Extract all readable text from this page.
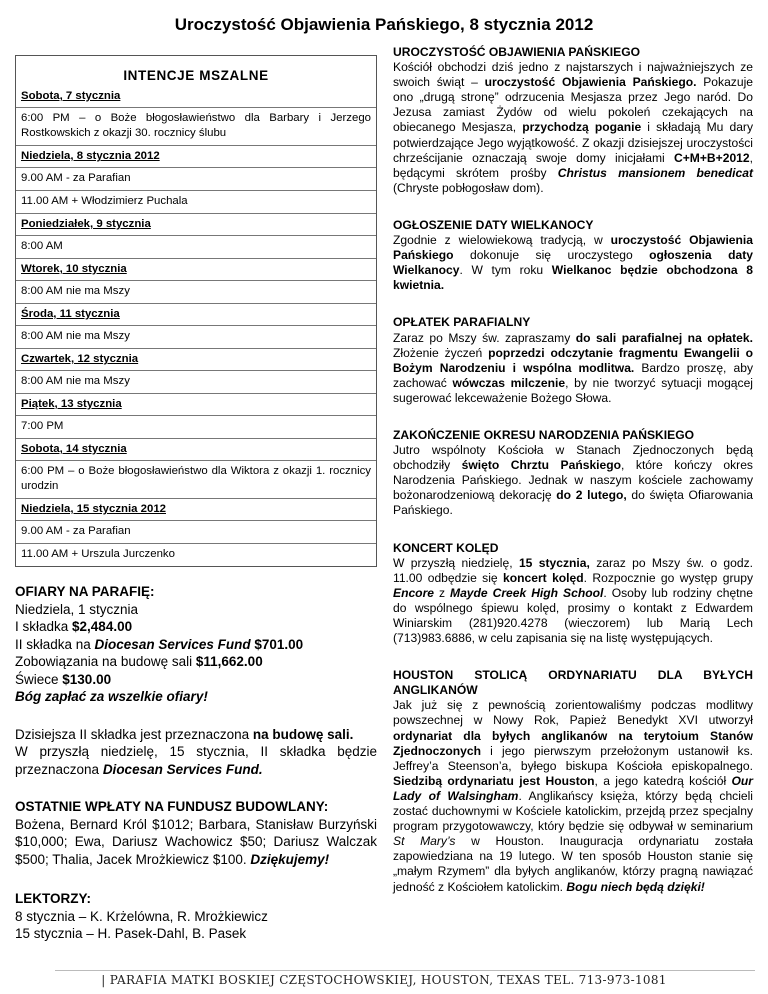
Uroczystość Objawienia Pańskiego, 8 stycznia 2012
INTENCJE MSZALNE
Sobota, 7 stycznia
6:00 PM – o Boże błogosławieństwo dla Barbary i Jerzego Rostkowskich z okazji 30. rocznicy ślubu
Niedziela, 8 stycznia 2012
9.00 AM - za Parafian
11.00 AM + Włodzimierz Puchala
Poniedziałek, 9 stycznia
8:00 AM
Wtorek, 10 stycznia
8:00 AM nie ma Mszy
Środa, 11 stycznia
8:00 AM nie ma Mszy
Czwartek, 12 stycznia
8:00 AM nie ma Mszy
Piątek, 13 stycznia
7:00 PM
Sobota, 14 stycznia
6:00 PM – o Boże błogosławieństwo dla Wiktora z okazji 1. rocznicy urodzin
Niedziela, 15 stycznia 2012
9.00 AM - za Parafian
11.00 AM + Urszula Jurczenko
OFIARY NA PARAFIĘ:
Niedziela, 1 stycznia
I składka $2,484.00
II składka na Diocesan Services Fund $701.00
Zobowiązania na budowę sali $11,662.00
Świece $130.00
Bóg zapłać za wszelkie ofiary!
Dzisiejsza II składka jest przeznaczona na budowę sali.
W przyszłą niedzielę, 15 stycznia, II składka będzie przeznaczona Diocesan Services Fund.
OSTATNIE WPŁATY NA FUNDUSZ BUDOWLANY:
Bożena, Bernard Król $1012; Barbara, Stanisław Burzyński $10,000; Ewa, Dariusz Wachowicz $50; Dariusz Walczak $500; Thalia, Jacek Mrożkiewicz $100. Dziękujemy!
LEKTORZY:
8 stycznia – K. Krżelówna, R. Mrożkiewicz
15 stycznia – H. Pasek-Dahl, B. Pasek
UROCZYSTOŚĆ OBJAWIENIA PAŃSKIEGO

Kościół obchodzi dziś jedno z najstarszych i najważniejszych ze swoich świąt – uroczystość Objawienia Pańskiego. Pokazuje ono „drugą stronę” odrzucenia Mesjasza przez Jego naród. Do Jezusa zamiast Żydów od wielu pokoleń czekających na obiecanego Mesjasza, przychodzą poganie i składają Mu dary potwierdzające Jego wyjątkowość. Z okazji dzisiejszej uroczystości chrześcijanie oznaczają swoje domy inicjałami C+M+B+2012, będącymi skrótem prośby Christus mansionem benedicat (Chryste pobłogosław dom).

OGŁOSZENIE DATY WIELKANOCY

Zgodnie z wielowiekową tradycją, w uroczystość Objawienia Pańskiego dokonuje się uroczystego ogłoszenia daty Wielkanocy. W tym roku Wielkanoc będzie obchodzona 8 kwietnia.

OPŁATEK PARAFIALNY

Zaraz po Mszy św. zapraszamy do sali parafialnej na opłatek. Złożenie życzeń poprzedzi odczytanie fragmentu Ewangelii o Bożym Narodzeniu i wspólna modlitwa. Bardzo proszę, aby zachować wówczas milczenie, by nie tworzyć sytuacji mogącej sugerować lekceważenie Bożego Słowa.

ZAKOŃCZENIE OKRESU NARODZENIA PAŃSKIEGO

Jutro wspólnoty Kościoła w Stanach Zjednoczonych będą obchodziły święto Chrztu Pańskiego, które kończy okres Narodzenia Pańskiego. Jednak w naszym kościele zachowamy bożonarodzeniową dekorację do 2 lutego, do święta Ofiarowania Pańskiego.

KONCERT KOLĘD

W przyszłą niedzielę, 15 stycznia, zaraz po Mszy św. o godz. 11.00 odbędzie się koncert kolęd. Rozpocznie go występ grupy Encore z Mayde Creek High School. Osoby lub rodziny chętne do wspólnego śpiewu kolęd, prosimy o kontakt z Edwardem Winiarskim (281)920.4278 (wieczorem) lub Marią Lech (713)983.6886, w celu zapisania się na listę występujących.

HOUSTON STOLICĄ ORDYNARIATU DLA BYŁYCH ANGLIKANÓW

Jak już się z pewnością zorientowaliśmy podczas modlitwy powszechnej w Nowy Rok, Papież Benedykt XVI utworzył ordynariat dla byłych anglikanów na terytoium Stanów Zjednoczonych i jego pierwszym przełożonym ustanowił ks. Jeffrey’a Steenson’a, byłego biskupa Kościoła episkopalnego. Siedzibą ordynariatu jest Houston, a jego katedrą kościół Our Lady of Walsingham. Anglikańscy księża, którzy będą chcieli zostać duchownymi w Kościele katolickim, przejdą przez specjalny program przygotowawczy, który będzie się odbywał w seminarium St Mary’s w Houston. Inauguracja ordynariatu została zapowiedziana na 19 lutego. W ten sposób Houston stanie się „małym Rzymem” dla byłych anglikanów, którzy pragną nawiązać jedność z Kościołem katolickim. Bogu niech będą dzięki!

| PARAFIA MATKI BOSKIEJ CZĘSTOCHOWSKIEJ, HOUSTON, TEXAS TEL. 713-973-1081
